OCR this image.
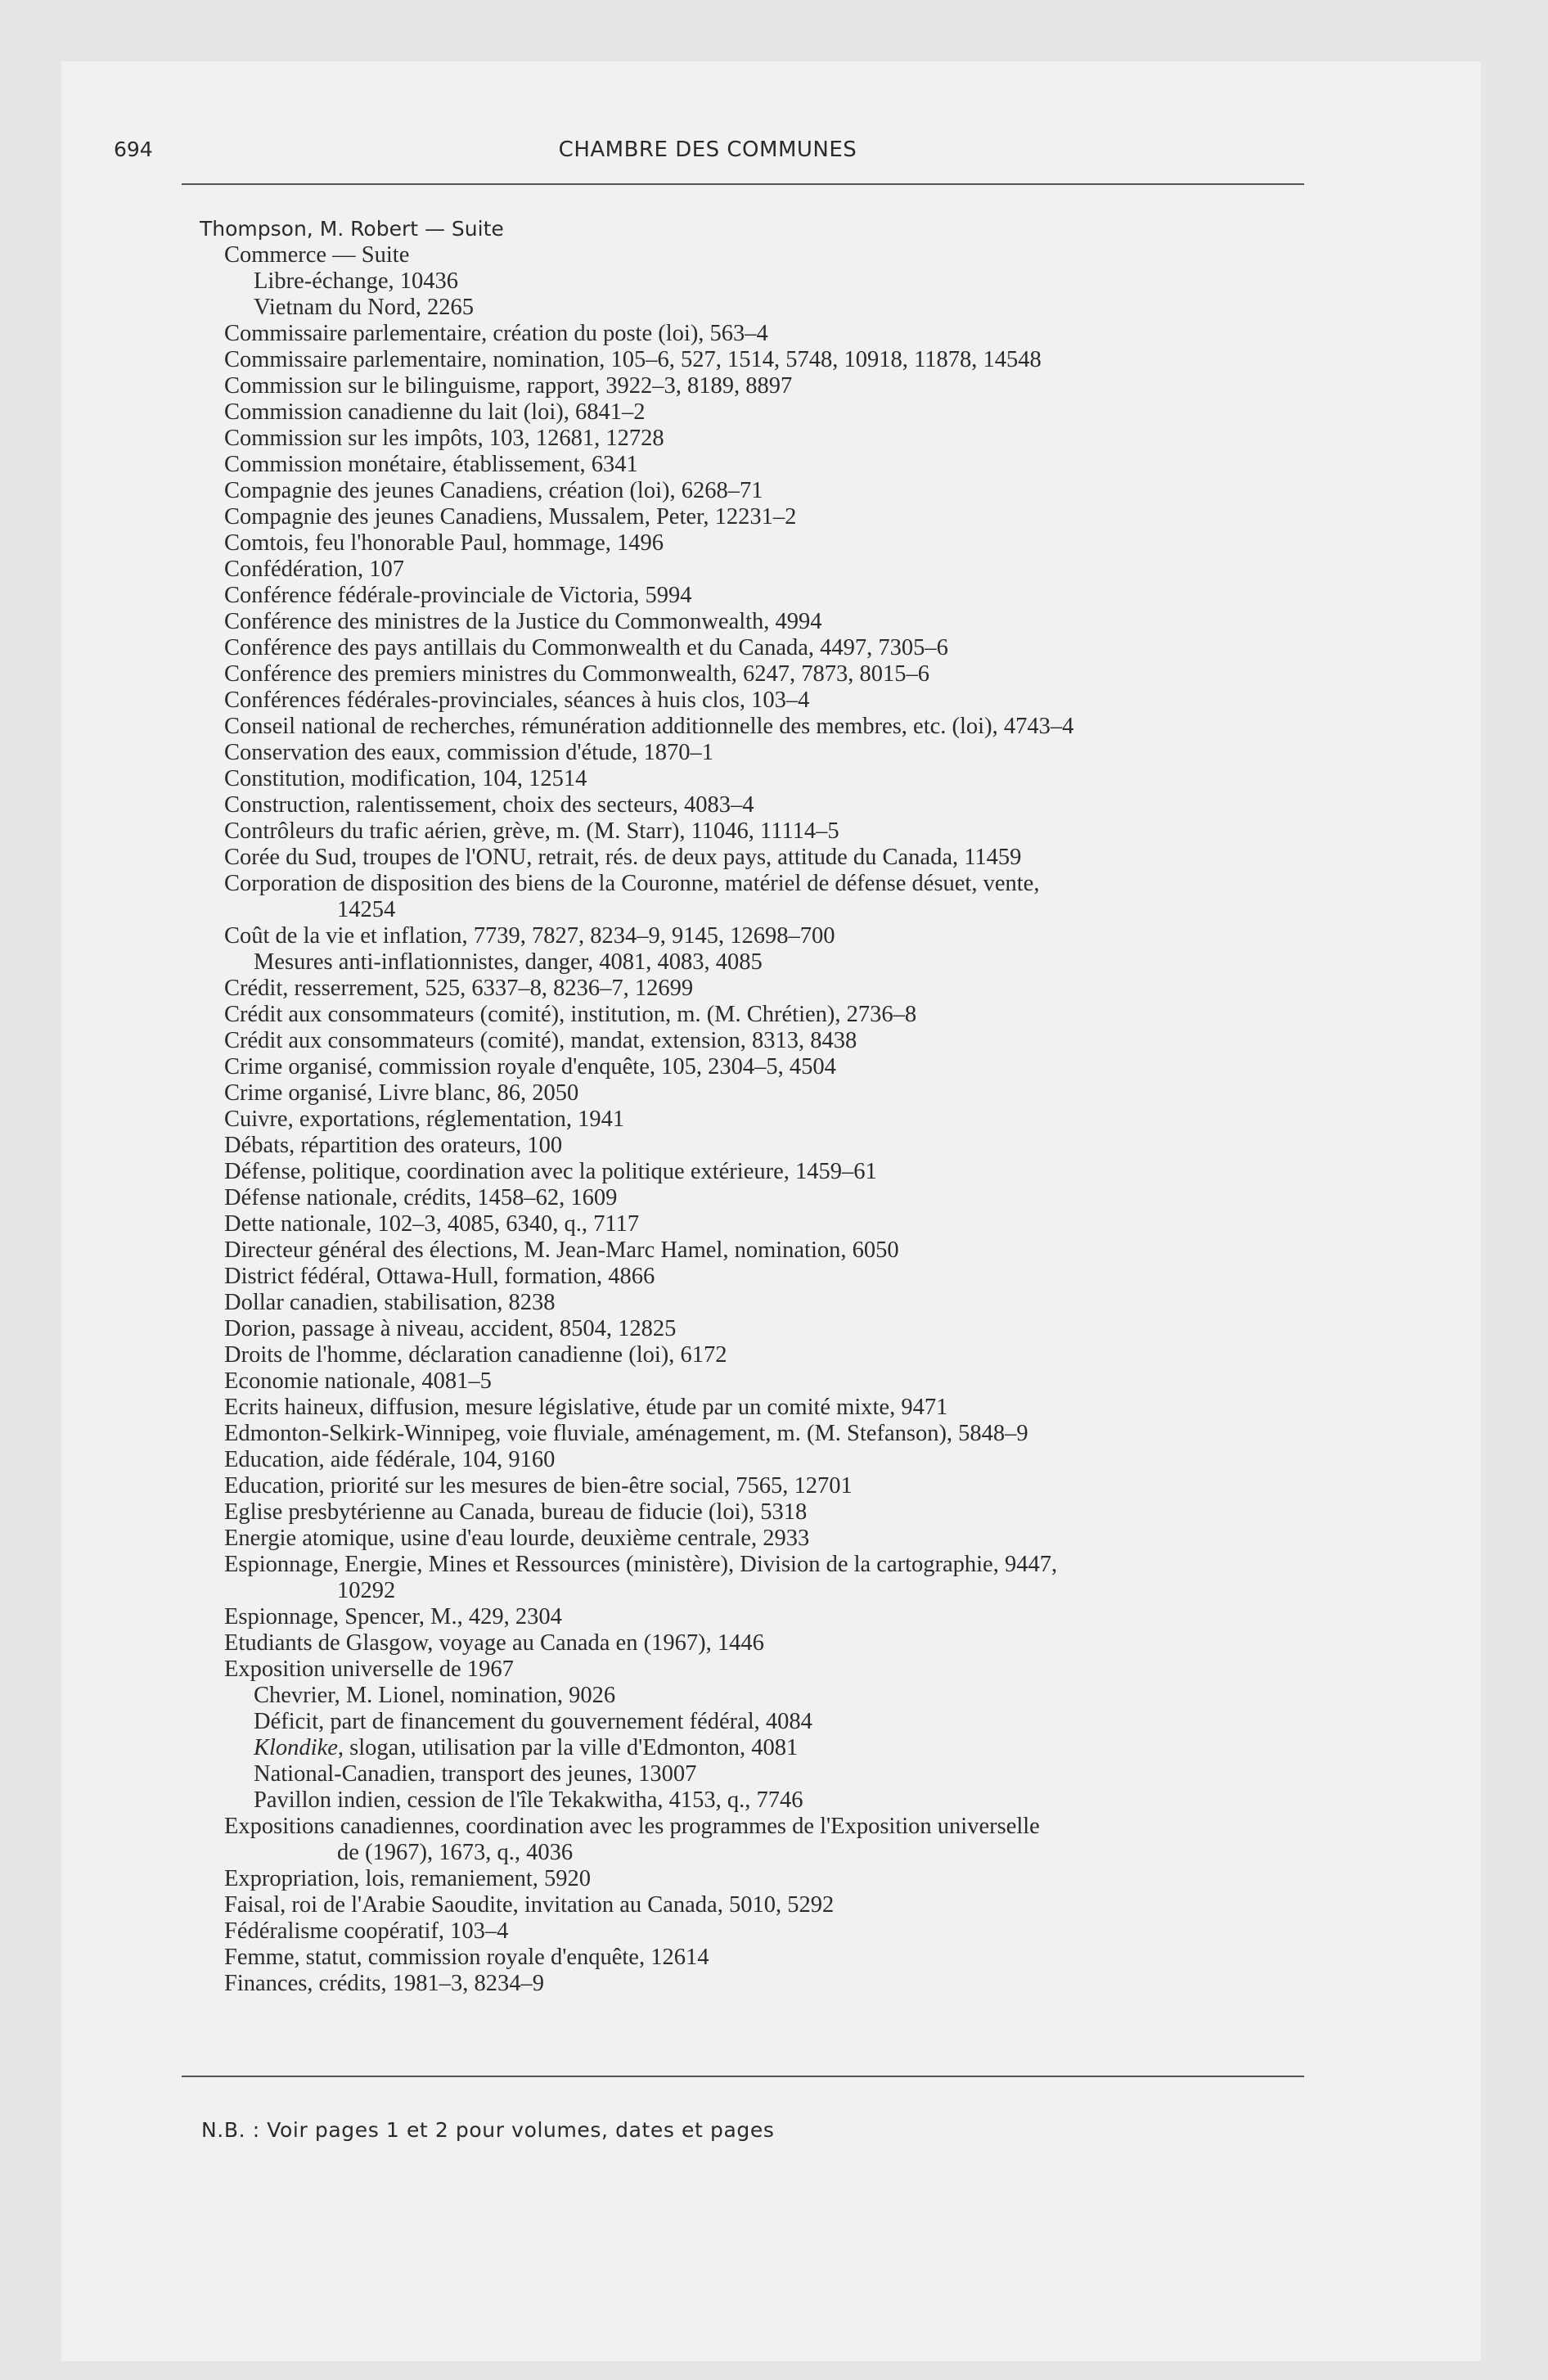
694	CHAMBRE DES COMMUNES
Thompson, M. Robert — Suite
Commerce — Suite
Libre-échange, 10436
Vietnam du Nord, 2265
Commissaire parlementaire, création du poste (loi), 563–4
Commissaire parlementaire, nomination, 105–6, 527, 1514, 5748, 10918, 11878, 14548
Commission sur le bilinguisme, rapport, 3922–3, 8189, 8897
Commission canadienne du lait (loi), 6841–2
Commission sur les impôts, 103, 12681, 12728
Commission monétaire, établissement, 6341
Compagnie des jeunes Canadiens, création (loi), 6268–71
Compagnie des jeunes Canadiens, Mussalem, Peter, 12231–2
Comtois, feu l'honorable Paul, hommage, 1496
Confédération, 107
Conférence fédérale-provinciale de Victoria, 5994
Conférence des ministres de la Justice du Commonwealth, 4994
Conférence des pays antillais du Commonwealth et du Canada, 4497, 7305–6
Conférence des premiers ministres du Commonwealth, 6247, 7873, 8015–6
Conférences fédérales-provinciales, séances à huis clos, 103–4
Conseil national de recherches, rémunération additionnelle des membres, etc. (loi), 4743–4
Conservation des eaux, commission d'étude, 1870–1
Constitution, modification, 104, 12514
Construction, ralentissement, choix des secteurs, 4083–4
Contrôleurs du trafic aérien, grève, m. (M. Starr), 11046, 11114–5
Corée du Sud, troupes de l'ONU, retrait, rés. de deux pays, attitude du Canada, 11459
Corporation de disposition des biens de la Couronne, matériel de défense désuet, vente,
14254
Coût de la vie et inflation, 7739, 7827, 8234–9, 9145, 12698–700
Mesures anti-inflationnistes, danger, 4081, 4083, 4085
Crédit, resserrement, 525, 6337–8, 8236–7, 12699
Crédit aux consommateurs (comité), institution, m. (M. Chrétien), 2736–8
Crédit aux consommateurs (comité), mandat, extension, 8313, 8438
Crime organisé, commission royale d'enquête, 105, 2304–5, 4504
Crime organisé, Livre blanc, 86, 2050
Cuivre, exportations, réglementation, 1941
Débats, répartition des orateurs, 100
Défense, politique, coordination avec la politique extérieure, 1459–61
Défense nationale, crédits, 1458–62, 1609
Dette nationale, 102–3, 4085, 6340, q., 7117
Directeur général des élections, M. Jean-Marc Hamel, nomination, 6050
District fédéral, Ottawa-Hull, formation, 4866
Dollar canadien, stabilisation, 8238
Dorion, passage à niveau, accident, 8504, 12825
Droits de l'homme, déclaration canadienne (loi), 6172
Economie nationale, 4081–5
Ecrits haineux, diffusion, mesure législative, étude par un comité mixte, 9471
Edmonton-Selkirk-Winnipeg, voie fluviale, aménagement, m. (M. Stefanson), 5848–9
Education, aide fédérale, 104, 9160
Education, priorité sur les mesures de bien-être social, 7565, 12701
Eglise presbytérienne au Canada, bureau de fiducie (loi), 5318
Energie atomique, usine d'eau lourde, deuxième centrale, 2933
Espionnage, Energie, Mines et Ressources (ministère), Division de la cartographie, 9447,
10292
Espionnage, Spencer, M., 429, 2304
Etudiants de Glasgow, voyage au Canada en (1967), 1446
Exposition universelle de 1967
Chevrier, M. Lionel, nomination, 9026
Déficit, part de financement du gouvernement fédéral, 4084
Klondike, slogan, utilisation par la ville d'Edmonton, 4081
National-Canadien, transport des jeunes, 13007
Pavillon indien, cession de l'île Tekakwitha, 4153, q., 7746
Expositions canadiennes, coordination avec les programmes de l'Exposition universelle
de (1967), 1673, q., 4036
Expropriation, lois, remaniement, 5920
Faisal, roi de l'Arabie Saoudite, invitation au Canada, 5010, 5292
Fédéralisme coopératif, 103–4
Femme, statut, commission royale d'enquête, 12614
Finances, crédits, 1981–3, 8234–9
N.B. : Voir pages 1 et 2 pour volumes, dates et pages
